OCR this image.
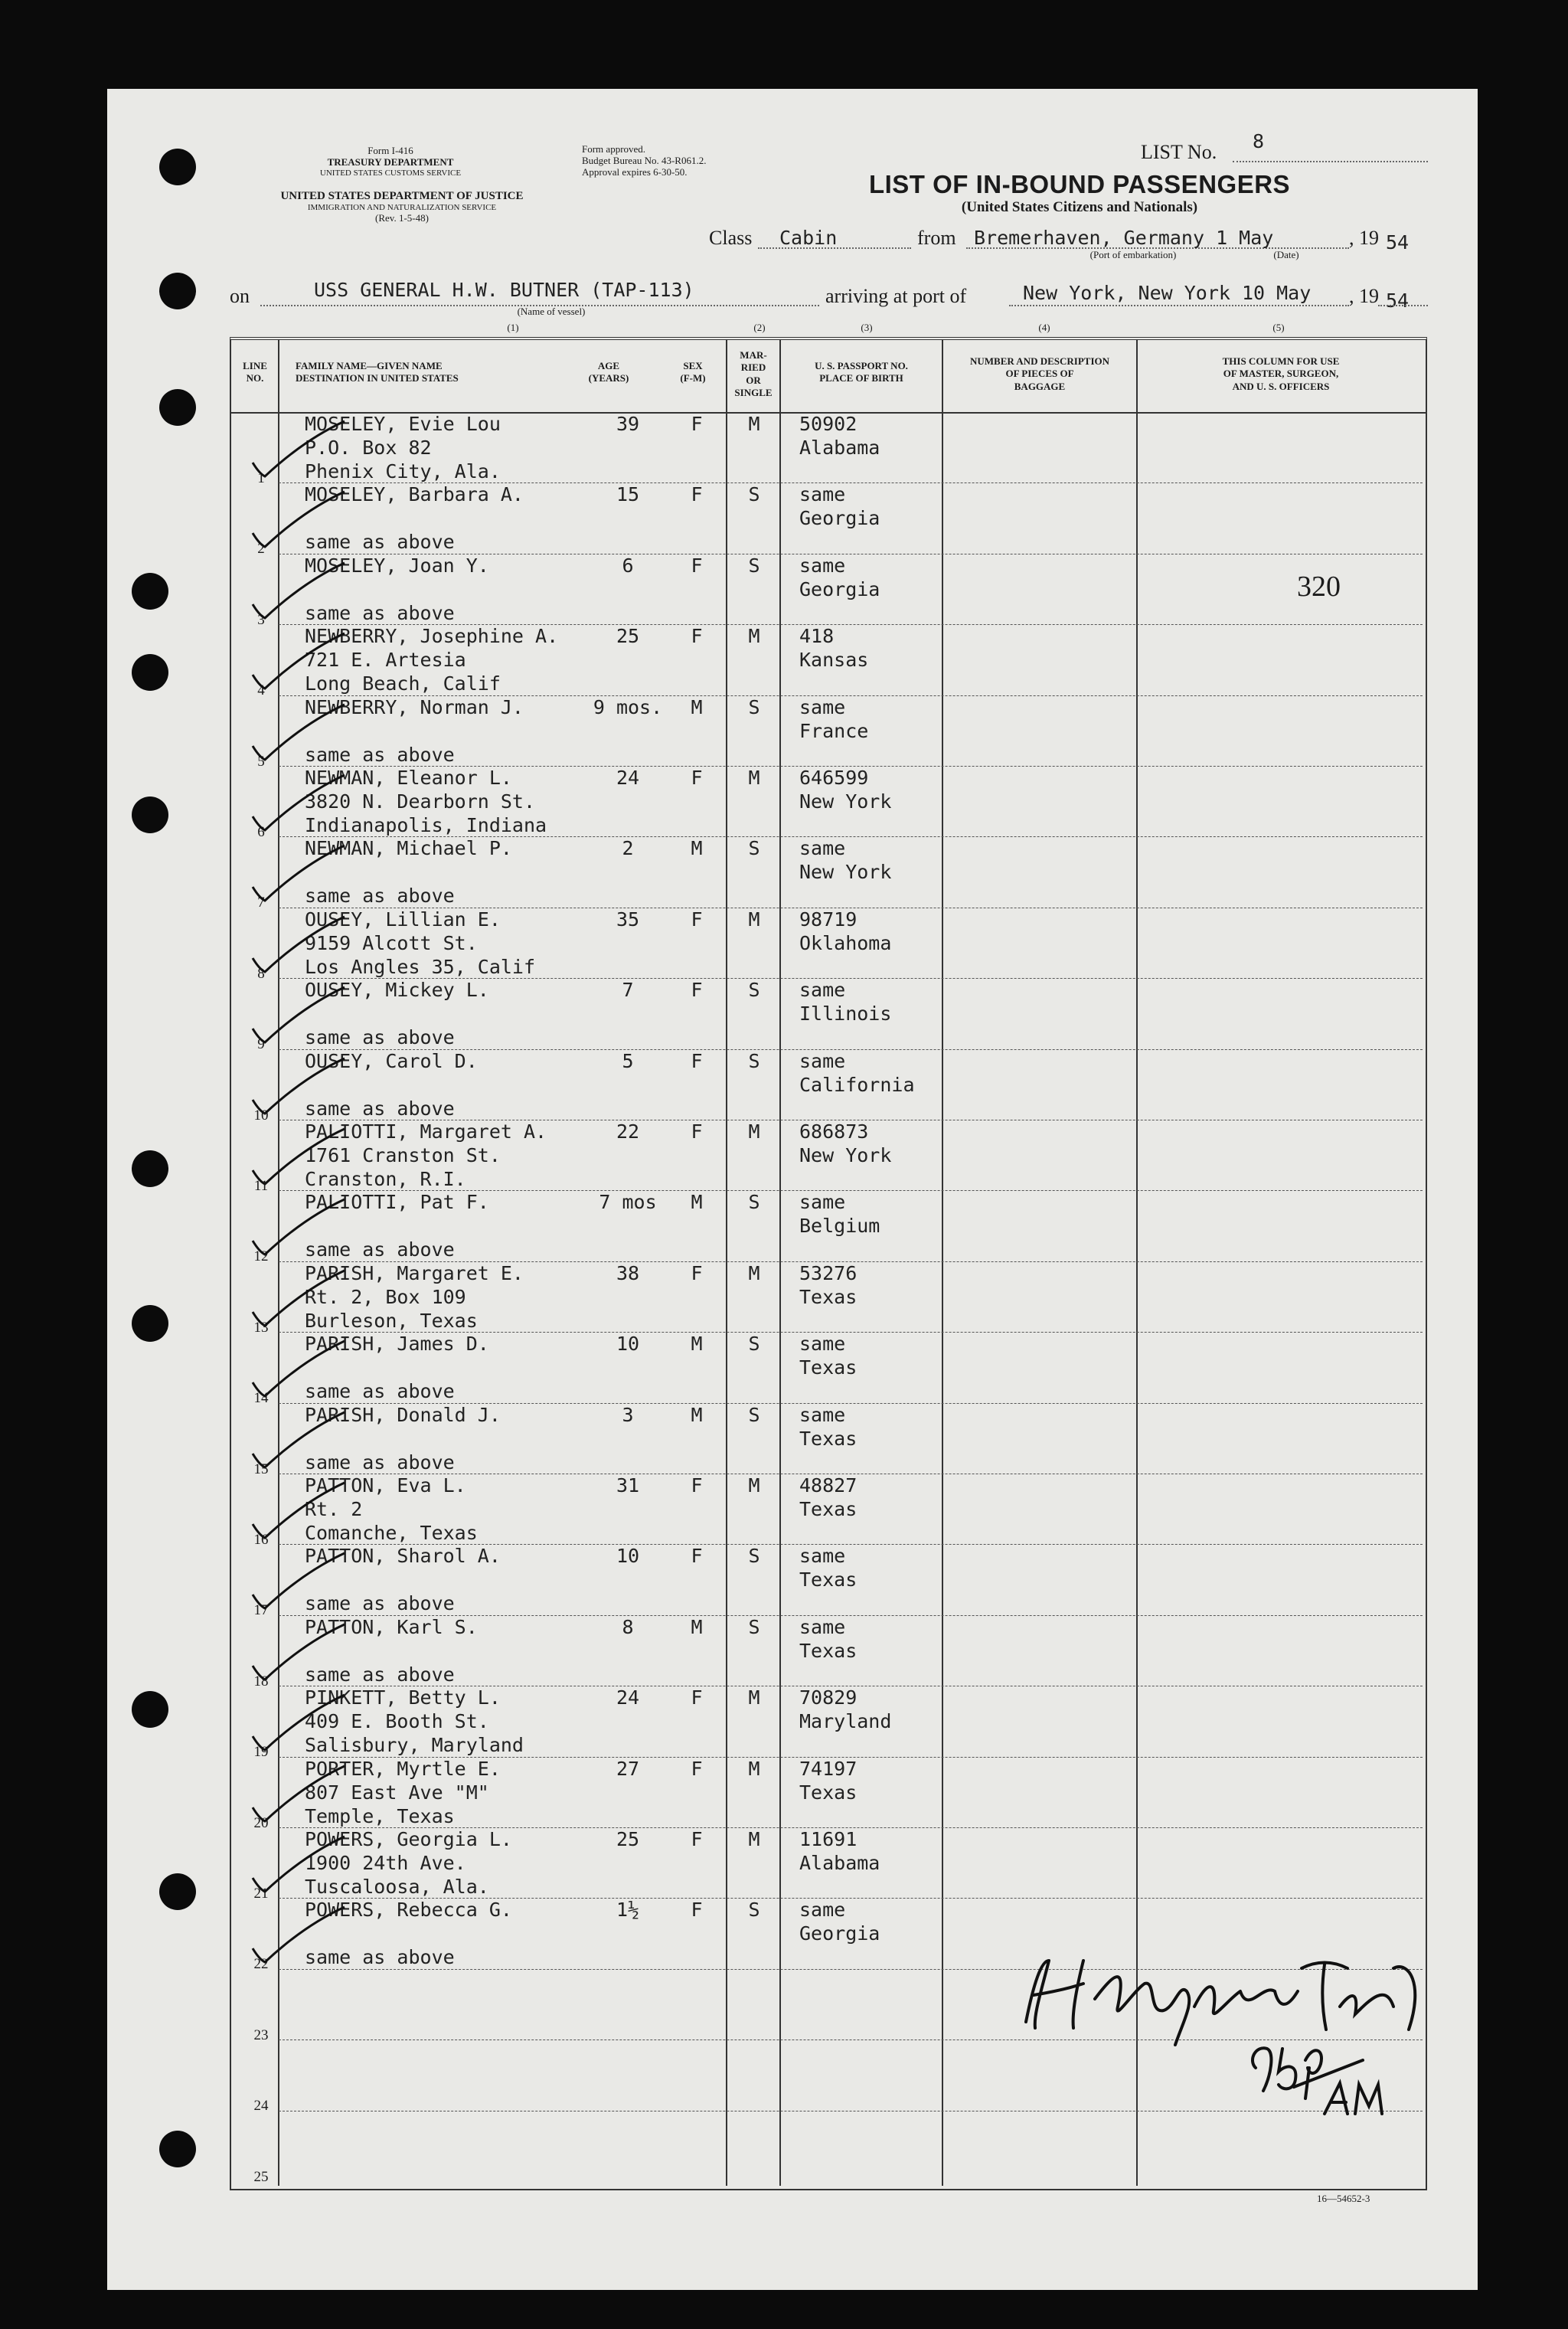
Form I-416
TREASURY DEPARTMENT
UNITED STATES CUSTOMS SERVICE
UNITED STATES DEPARTMENT OF JUSTICE
IMMIGRATION AND NATURALIZATION SERVICE
(Rev. 1-5-48)
Form approved.
Budget Bureau No. 43-R061.2.
Approval expires 6-30-50.
LIST No. 8
LIST OF IN-BOUND PASSENGERS
(United States Citizens and Nationals)
Class Cabin	from Bremerhaven, Germany 1 May	, 19 54
(Port of embarkation)	(Date)
on	USS GENERAL H.W. BUTNER (TAP-113)
(Name of vessel)
arriving at port of	New York, New York 10 May , 19 54
(1)	(2)	(3)	(4)	(5)
LINE NO.
FAMILY NAME—GIVEN NAME
DESTINATION IN UNITED STATES
AGE
(YEARS)
SEX
(F-M)
MAR-
RIED
OR
SINGLE
U. S. PASSPORT NO.
PLACE OF BIRTH
NUMBER AND DESCRIPTION
OF PIECES OF
BAGGAGE
THIS COLUMN FOR USE
OF MASTER, SURGEON,
AND U. S. OFFICERS
1
MOSELEY, Evie Lou
P.O. Box 82
Phenix City, Ala.
39	F	M	50902
Alabama
2
MOSELEY, Barbara A.

same as above
15	F	S	same
Georgia
3
MOSELEY, Joan Y.

same as above
6	F	S	same
Georgia
4
NEWBERRY, Josephine A.
721 E. Artesia
Long Beach, Calif
25	F	M	418
Kansas
5
NEWBERRY, Norman J.

same as above
9 mos.	M	S	same
France
6
NEWMAN, Eleanor L.
3820 N. Dearborn St.
Indianapolis, Indiana
24	F	M	646599
New York
7
NEWMAN, Michael P.

same as above
2	M	S	same
New York
8
OUSEY, Lillian E.
9159 Alcott St.
Los Angles 35, Calif
35	F	M	98719
Oklahoma
9
OUSEY, Mickey L.

same as above
7	F	S	same
Illinois
10
OUSEY, Carol D.

same as above
5	F	S	same
California
11
PALIOTTI, Margaret A.
1761 Cranston St.
Cranston, R.I.
22	F	M	686873
New York
12
PALIOTTI, Pat F.

same as above
7 mos	M	S	same
Belgium
13
PARISH, Margaret E.
Rt. 2, Box 109
Burleson, Texas
38	F	M	53276
Texas
14
PARISH, James D.

same as above
10	M	S	same
Texas
15
PARISH, Donald J.

same as above
3	M	S	same
Texas
16
PATTON, Eva L.
Rt. 2
Comanche, Texas
31	F	M	48827
Texas
17
PATTON, Sharol A.

same as above
10	F	S	same
Texas
18
PATTON, Karl S.

same as above
8	M	S	same
Texas
19
PINKETT, Betty L.
409 E. Booth St.
Salisbury, Maryland
24	F	M	70829
Maryland
20
PORTER, Myrtle E.
807 East Ave "M"
Temple, Texas
27	F	M	74197
Texas
21
POWERS, Georgia L.
1900 24th Ave.
Tuscaloosa, Ala.
25	F	M	11691
Alabama
22
POWERS, Rebecca G.

same as above
1½	F	S	same
Georgia
23
24
25
320
16—54652-3
